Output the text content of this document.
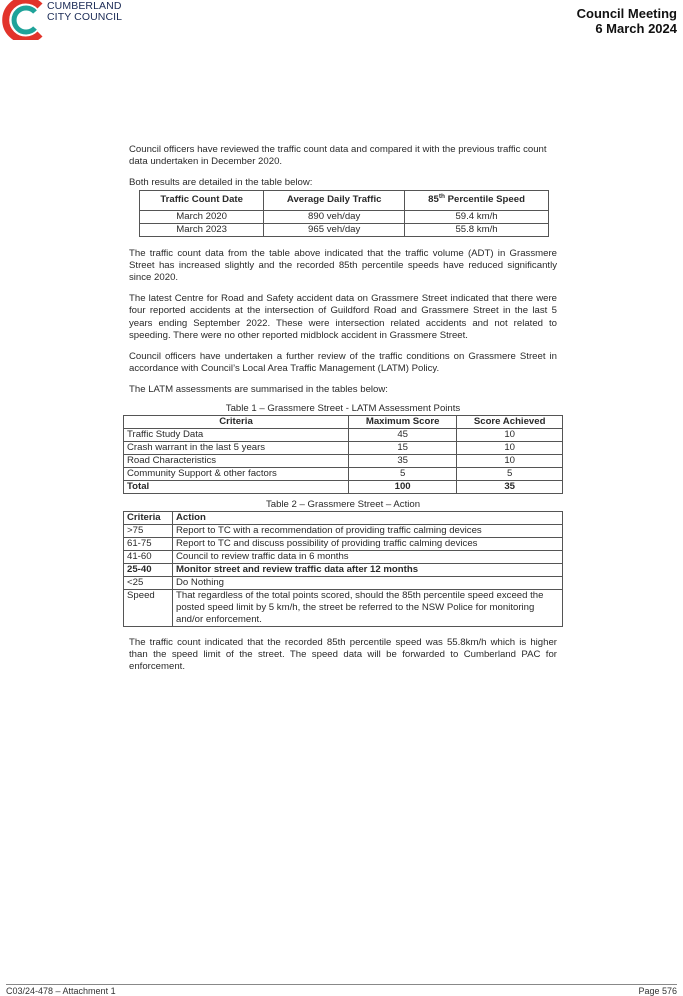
CUMBERLAND
CITY COUNCIL	Council Meeting
6 March 2024

Council officers have reviewed the traffic count data and compared it with the previous traffic count data undertaken in December 2020.

Both results are detailed in the table below:

Traffic Count Date	Average Daily Traffic	85th Percentile Speed
March 2020	890 veh/day	59.4 km/h
March 2023	965 veh/day	55.8 km/h

The traffic count data from the table above indicated that the traffic volume (ADT) in Grassmere Street has increased slightly and the recorded 85th percentile speeds have reduced significantly since 2020.

The latest Centre for Road and Safety accident data on Grassmere Street indicated that there were four reported accidents at the intersection of Guildford Road and Grassmere Street in the last 5 years ending September 2022. These were intersection related accidents and not related to speeding. There were no other reported midblock accident in Grassmere Street.

Council officers have undertaken a further review of the traffic conditions on Grassmere Street in accordance with Council’s Local Area Traffic Management (LATM) Policy.

The LATM assessments are summarised in the tables below:

Table 1 – Grassmere Street - LATM Assessment Points
Criteria	Maximum Score	Score Achieved
Traffic Study Data	45	10
Crash warrant in the last 5 years	15	10
Road Characteristics	35	10
Community Support & other factors	5	5
Total	100	35
Table 2 – Grassmere Street – Action
Criteria	Action
>75	Report to TC with a recommendation of providing traffic calming devices
61-75	Report to TC and discuss possibility of providing traffic calming devices
41-60	Council to review traffic data in 6 months
25-40	Monitor street and review traffic data after 12 months
<25	Do Nothing
Speed	That regardless of the total points scored, should the 85th percentile speed exceed the posted speed limit by 5 km/h, the street be referred to the NSW Police for monitoring and/or enforcement.

The traffic count indicated that the recorded 85th percentile speed was 55.8km/h which is higher than the speed limit of the street. The speed data will be forwarded to Cumberland PAC for enforcement.

C03/24-478 – Attachment 1	Page 576
